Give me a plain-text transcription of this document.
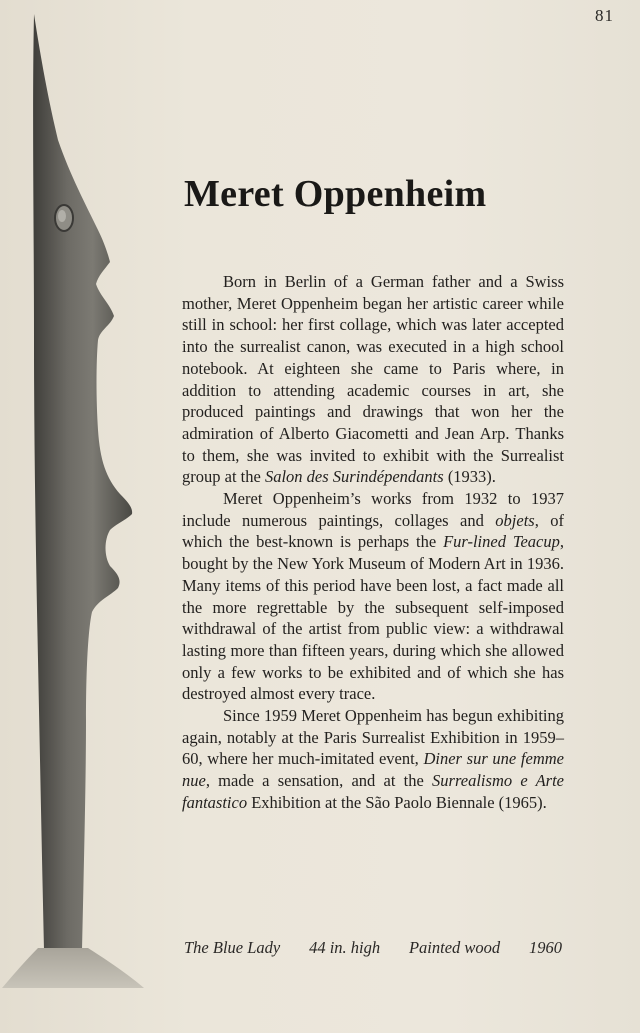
81
Meret Oppenheim

Born in Berlin of a German father and a Swiss mother, Meret Oppenheim began her artistic career while still in school: her first collage, which was later accepted into the surrealist canon, was executed in a high school notebook. At eighteen she came to Paris where, in addition to attending academic courses in art, she produced paintings and drawings that won her the admiration of Alberto Giacometti and Jean Arp. Thanks to them, she was invited to exhibit with the Surrealist group at the Salon des Surindépendants (1933).

Meret Oppenheim’s works from 1932 to 1937 include numerous paintings, collages and objets, of which the best-known is perhaps the Fur-lined Teacup, bought by the New York Museum of Modern Art in 1936. Many items of this period have been lost, a fact made all the more regrettable by the subsequent self-imposed withdrawal of the artist from public view: a withdrawal lasting more than fifteen years, during which she allowed only a few works to be exhibited and of which she has destroyed almost every trace.

Since 1959 Meret Oppenheim has begun exhibiting again, notably at the Paris Surrealist Exhibition in 1959–60, where her much-imitated event, Diner sur une femme nue, made a sensation, and at the Surrealismo e Arte fantastico Exhibition at the São Paolo Biennale (1965).

The Blue Lady 44 in. high Painted wood 1960
